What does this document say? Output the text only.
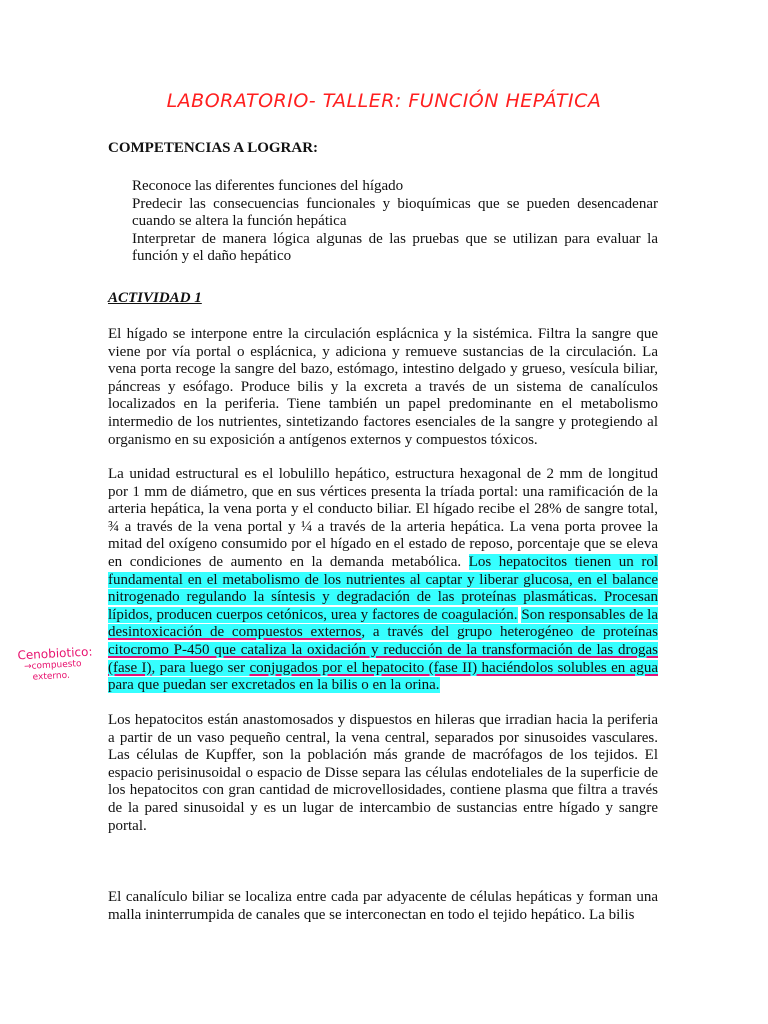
LABORATORIO- TALLER: FUNCIÓN HEPÁTICA
COMPETENCIAS A LOGRAR:

Reconoce las diferentes funciones del hígado

Predecir las consecuencias funcionales y bioquímicas que se pueden desencadenar cuando se altera la función hepática

Interpretar de manera lógica algunas de las pruebas que se utilizan para evaluar la función y el daño hepático

ACTIVIDAD 1

El hígado se interpone entre la circulación esplácnica y la sistémica. Filtra la sangre que viene por vía portal o esplácnica, y adiciona y remueve sustancias de la circulación. La vena porta recoge la sangre del bazo, estómago, intestino delgado y grueso, vesícula biliar, páncreas y esófago. Produce bilis y la excreta a través de un sistema de canalículos localizados en la periferia. Tiene también un papel predominante en el metabolismo intermedio de los nutrientes, sintetizando factores esenciales de la sangre y protegiendo al organismo en su exposición a antígenos externos y compuestos tóxicos.

La unidad estructural es el lobulillo hepático, estructura hexagonal de 2 mm de longitud por 1 mm de diámetro, que en sus vértices presenta la tríada portal: una ramificación de la arteria hepática, la vena porta y el conducto biliar. El hígado recibe el 28% de sangre total, ¾ a través de la vena portal y ¼ a través de la arteria hepática. La vena porta provee la mitad del oxígeno consumido por el hígado en el estado de reposo, porcentaje que se eleva en condiciones de aumento en la demanda metabólica. Los hepatocitos tienen un rol fundamental en el metabolismo de los nutrientes al captar y liberar glucosa, en el balance nitrogenado regulando la síntesis y degradación de las proteínas plasmáticas. Procesan lípidos, producen cuerpos cetónicos, urea y factores de coagulación. Son responsables de la desintoxicación de compuestos externos, a través del grupo heterogéneo de proteínas citocromo P-450 que cataliza la oxidación y reducción de la transformación de las drogas (fase I), para luego ser conjugados por el hepatocito (fase II) haciéndolos solubles en agua para que puedan ser excretados en la bilis o en la orina.

Los hepatocitos están anastomosados y dispuestos en hileras que irradian hacia la periferia a partir de un vaso pequeño central, la vena central, separados por sinusoides vasculares. Las células de Kupffer, son la población más grande de macrófagos de los tejidos. El espacio perisinusoidal o espacio de Disse separa las células endoteliales de la superficie de los hepatocitos con gran cantidad de microvellosidades, contiene plasma que filtra a través de la pared sinusoidal y es un lugar de intercambio de sustancias entre hígado y sangre portal.

El canalículo biliar se localiza entre cada par adyacente de células hepáticas y forman una malla ininterrumpida de canales que se interconectan en todo el tejido hepático. La bilis

Cenobiotico:
→compuesto
externo.
